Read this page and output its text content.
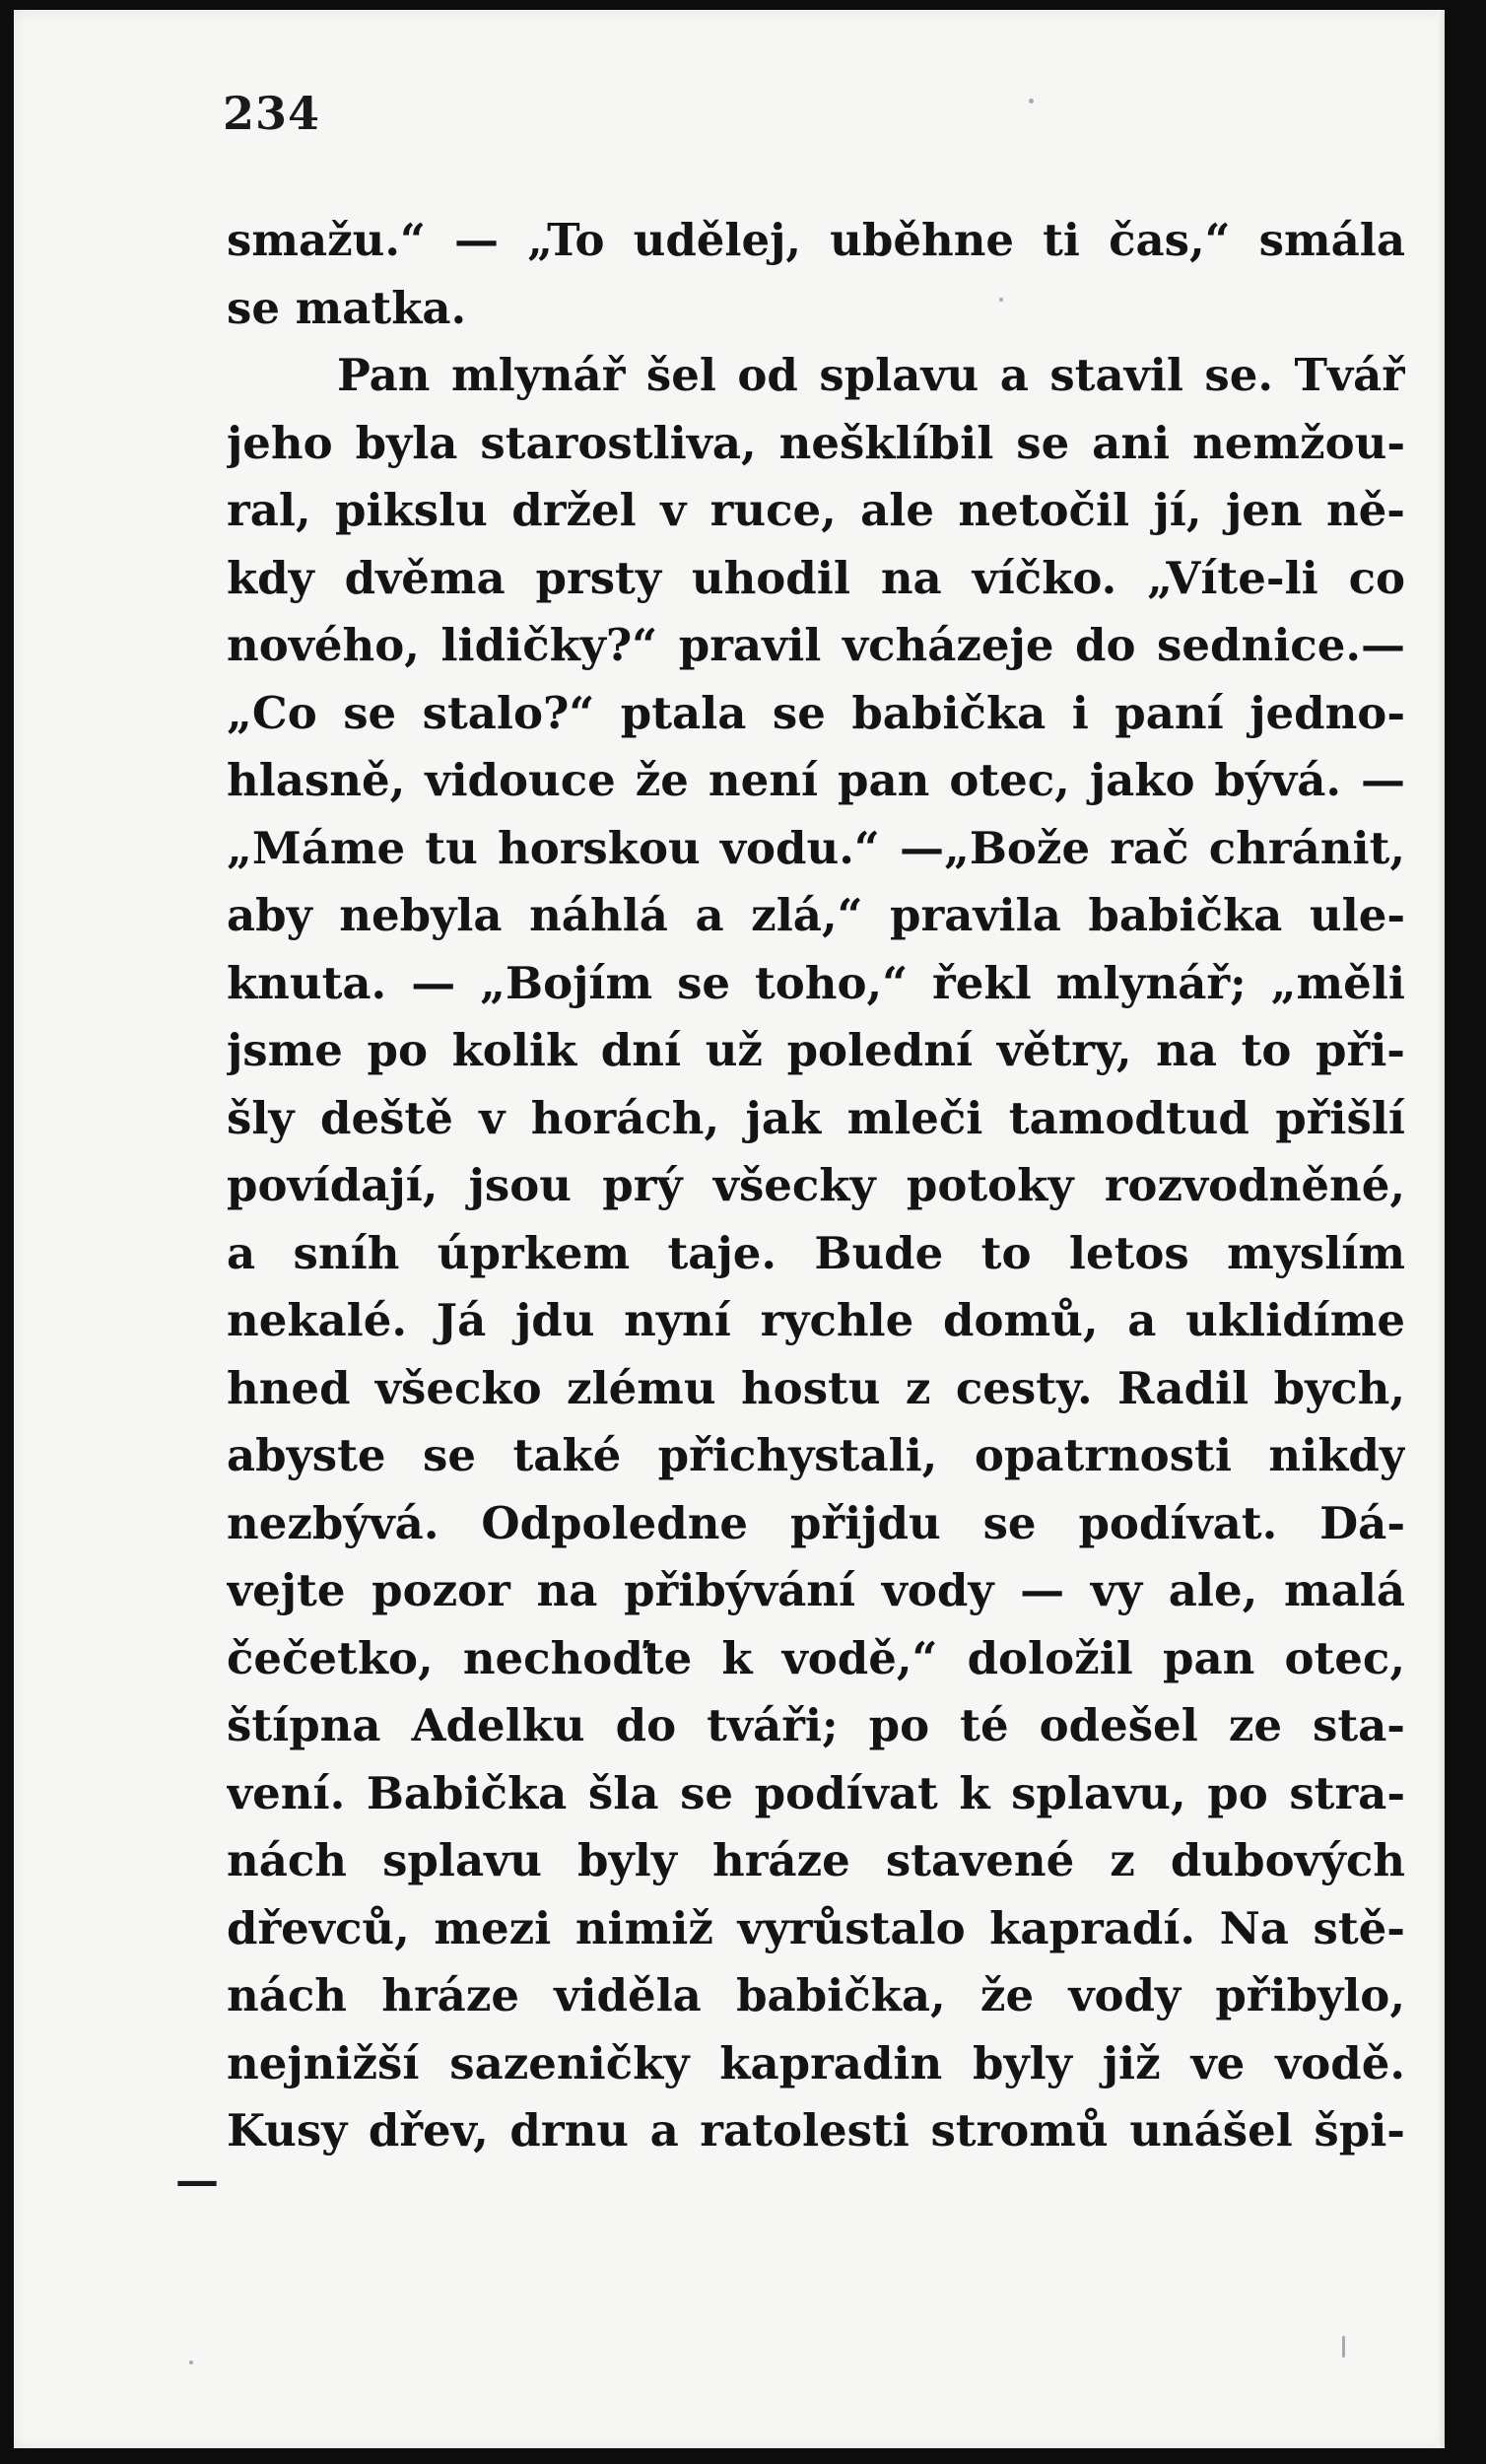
234
smažu.“ — „To udělej, uběhne ti čas,“ smála
se matka.
Pan mlynář šel od splavu a stavil se. Tvář
jeho byla starostliva, nešklíbil se ani nemžou-
ral, pikslu držel v ruce, ale netočil jí, jen ně-
kdy dvěma prsty uhodil na víčko. „Víte-li co
nového, lidičky?“ pravil vcházeje do sednice.—
„Co se stalo?“ ptala se babička i paní jedno-
hlasně, vidouce že není pan otec, jako bývá. —
„Máme tu horskou vodu.“ —„Bože rač chránit,
aby nebyla náhlá a zlá,“ pravila babička ule-
knuta. — „Bojím se toho,“ řekl mlynář; „měli
jsme po kolik dní už polední větry, na to při-
šly deště v horách, jak mleči tamodtud přišlí
povídají, jsou prý všecky potoky rozvodněné,
a sníh úprkem taje. Bude to letos myslím
nekalé. Já jdu nyní rychle domů, a uklidíme
hned všecko zlému hostu z cesty. Radil bych,
abyste se také přichystali, opatrnosti nikdy
nezbývá. Odpoledne přijdu se podívat. Dá-
vejte pozor na přibývání vody — vy ale, malá
čečetko, nechoďte k vodě,“ doložil pan otec,
štípna Adelku do tváři; po té odešel ze sta-
vení. Babička šla se podívat k splavu, po stra-
nách splavu byly hráze stavené z dubových
dřevců, mezi nimiž vyrůstalo kapradí. Na stě-
nách hráze viděla babička, že vody přibylo,
nejnižší sazeničky kapradin byly již ve vodě.
Kusy dřev, drnu a ratolesti stromů unášel špi-
—
